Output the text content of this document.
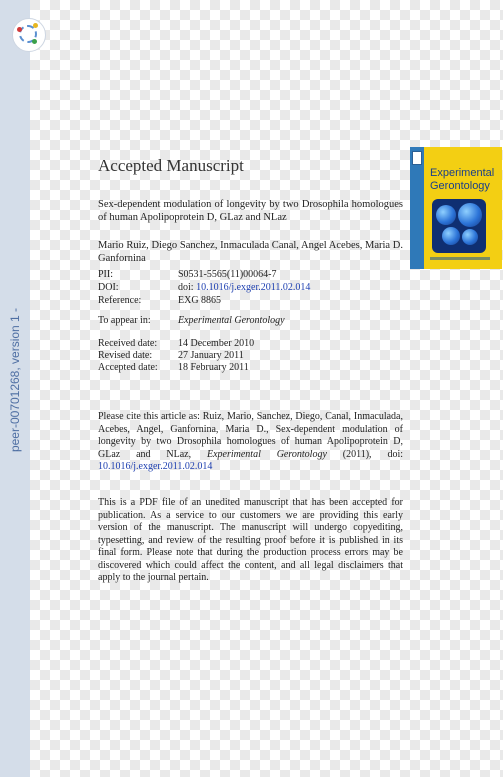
peer-00701268, version 1 -
Accepted Manuscript

Sex-dependent modulation of longevity by two Drosophila homologues of human Apolipoprotein D, GLaz and NLaz

Mario Ruiz, Diego Sanchez, Inmaculada Canal, Angel Acebes, Maria D. Ganfornina

PII:	S0531-5565(11)00064-7
DOI:	doi: 10.1016/j.exger.2011.02.014
Reference:	EXG 8865
To appear in:	Experimental Gerontology
Received date:	14 December 2010
Revised date:	27 January 2011
Accepted date:	18 February 2011

Please cite this article as: Ruiz, Mario, Sanchez, Diego, Canal, Inmaculada, Acebes, Angel, Ganfornina, Maria D., Sex-dependent modulation of longevity by two Drosophila homologues of human Apolipoprotein D, GLaz and NLaz, Experimental Gerontology (2011), doi: 10.1016/j.exger.2011.02.014

This is a PDF file of an unedited manuscript that has been accepted for publication. As a service to our customers we are providing this early version of the manuscript. The manuscript will undergo copyediting, typesetting, and review of the resulting proof before it is published in its final form. Please note that during the production process errors may be discovered which could affect the content, and all legal disclaimers that apply to the journal pertain.

Experimental Gerontology
